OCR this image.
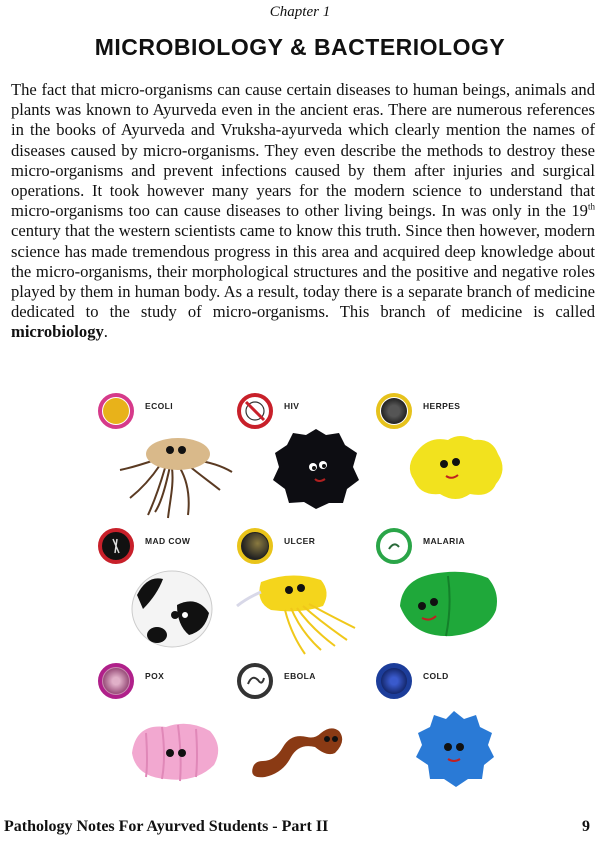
Chapter 1
MICROBIOLOGY & BACTERIOLOGY

The fact that micro-organisms can cause certain diseases to human beings, animals and plants was known to Ayurveda even in the ancient eras. There are numerous references in the books of Ayurveda and Vruksha-ayurveda which clearly mention the names of diseases caused by micro-organisms. They even describe the methods to destroy these micro-organisms and prevent infections caused by them after injuries and surgical operations. It took however many years for the modern science to understand that micro-organisms too can cause diseases to other living beings. In was only in the 19th century that the western scientists came to know this truth. Since then however, modern science has made tremendous progress in this area and acquired deep knowledge about the micro-organisms, their morphological structures and the positive and negative roles played by them in human body. As a result, today there is a separate branch of medicine dedicated to the study of micro-organisms. This branch of medicine is called microbiology.

ECOLI	HIV	HERPES
MAD COW	ULCER	MALARIA
POX	EBOLA	COLD
Pathology Notes For Ayurved Students - Part II	9
